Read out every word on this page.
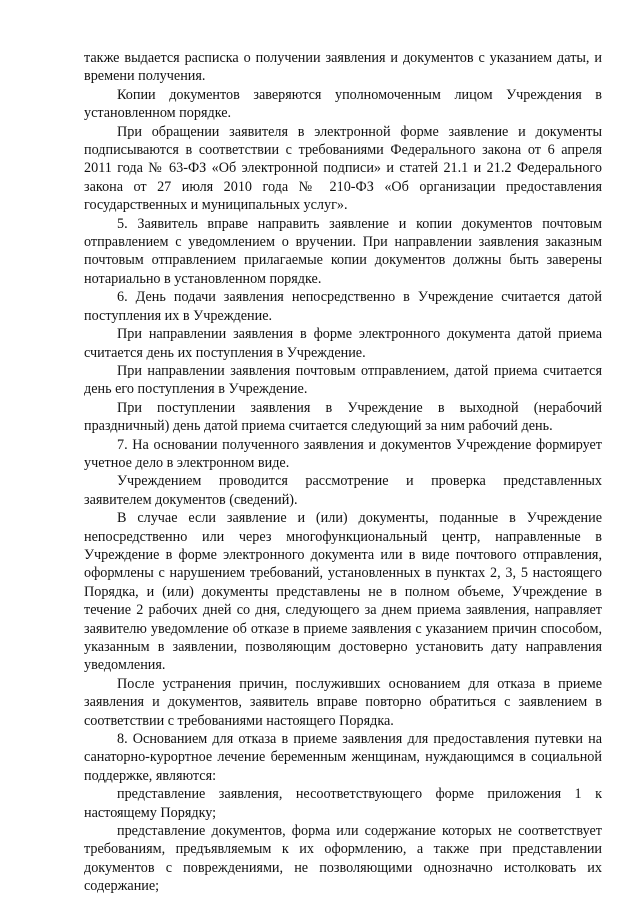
также выдается расписка о получении заявления и документов с указанием даты, и времени получения.

Копии документов заверяются уполномоченным лицом Учреждения в установленном порядке.

При обращении заявителя в электронной форме заявление и документы подписываются в соответствии с требованиями Федерального закона от 6 апреля 2011 года № 63-ФЗ «Об электронной подписи» и статей 21.1 и 21.2 Федерального закона от 27 июля 2010 года № 210-ФЗ «Об организации предоставления государственных и муниципальных услуг».

5. Заявитель вправе направить заявление и копии документов почтовым отправлением с уведомлением о вручении. При направлении заявления заказным почтовым отправлением прилагаемые копии документов должны быть заверены нотариально в установленном порядке.

6. День подачи заявления непосредственно в Учреждение считается датой поступления их в Учреждение.

При направлении заявления в форме электронного документа датой приема считается день их поступления в Учреждение.

При направлении заявления почтовым отправлением, датой приема считается день его поступления в Учреждение.

При поступлении заявления в Учреждение в выходной (нерабочий праздничный) день датой приема считается следующий за ним рабочий день.

7. На основании полученного заявления и документов Учреждение формирует учетное дело в электронном виде.

Учреждением проводится рассмотрение и проверка представленных заявителем документов (сведений).

В случае если заявление и (или) документы, поданные в Учреждение непосредственно или через многофункциональный центр, направленные в Учреждение в форме электронного документа или в виде почтового отправления, оформлены с нарушением требований, установленных в пунктах 2, 3, 5 настоящего Порядка, и (или) документы представлены не в полном объеме, Учреждение в течение 2 рабочих дней со дня, следующего за днем приема заявления, направляет заявителю уведомление об отказе в приеме заявления с указанием причин способом, указанным в заявлении, позволяющим достоверно установить дату направления уведомления.

После устранения причин, послуживших основанием для отказа в приеме заявления и документов, заявитель вправе повторно обратиться с заявлением в соответствии с требованиями настоящего Порядка.

8. Основанием для отказа в приеме заявления для предоставления путевки на санаторно-курортное лечение беременным женщинам, нуждающимся в социальной поддержке, являются:

представление заявления, несоответствующего форме приложения 1 к настоящему Порядку;

представление документов, форма или содержание которых не соответствует требованиям, предъявляемым к их оформлению, а также при представлении документов с повреждениями, не позволяющими однозначно истолковать их содержание;
